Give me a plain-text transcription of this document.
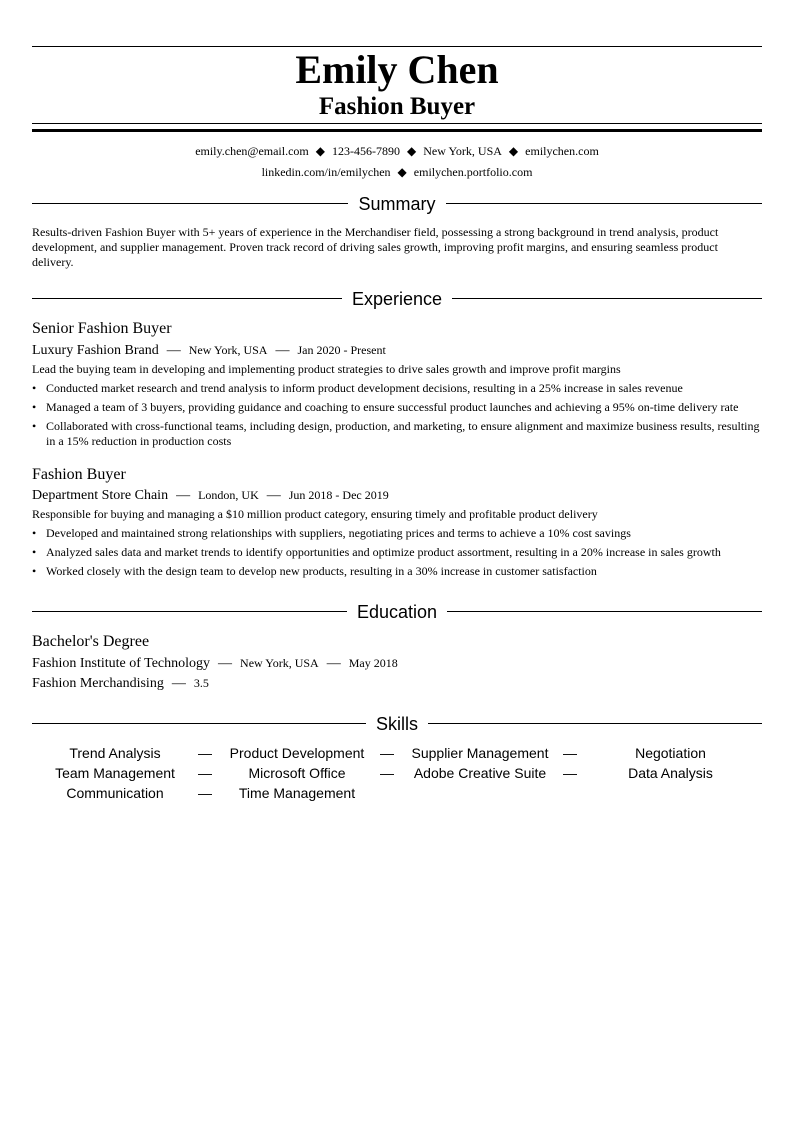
Emily Chen
Fashion Buyer
emily.chen@email.com ◆ 123-456-7890 ◆ New York, USA ◆ emilychen.com
linkedin.com/in/emilychen ◆ emilychen.portfolio.com
Summary
Results-driven Fashion Buyer with 5+ years of experience in the Merchandiser field, possessing a strong background in trend analysis, product development, and supplier management. Proven track record of driving sales growth, improving profit margins, and ensuring seamless product delivery.
Experience
Senior Fashion Buyer
Luxury Fashion Brand — New York, USA — Jan 2020 - Present
Lead the buying team in developing and implementing product strategies to drive sales growth and improve profit margins
• Conducted market research and trend analysis to inform product development decisions, resulting in a 25% increase in sales revenue
• Managed a team of 3 buyers, providing guidance and coaching to ensure successful product launches and achieving a 95% on-time delivery rate
• Collaborated with cross-functional teams, including design, production, and marketing, to ensure alignment and maximize business results, resulting in a 15% reduction in production costs
Fashion Buyer
Department Store Chain — London, UK — Jun 2018 - Dec 2019
Responsible for buying and managing a $10 million product category, ensuring timely and profitable product delivery
• Developed and maintained strong relationships with suppliers, negotiating prices and terms to achieve a 10% cost savings
• Analyzed sales data and market trends to identify opportunities and optimize product assortment, resulting in a 20% increase in sales growth
• Worked closely with the design team to develop new products, resulting in a 30% increase in customer satisfaction
Education
Bachelor's Degree
Fashion Institute of Technology — New York, USA — May 2018
Fashion Merchandising — 3.5
Skills
Trend Analysis	—	Product Development	—	Supplier Management	—	Negotiation
Team Management	—	Microsoft Office	—	Adobe Creative Suite	—	Data Analysis
Communication	—	Time Management
